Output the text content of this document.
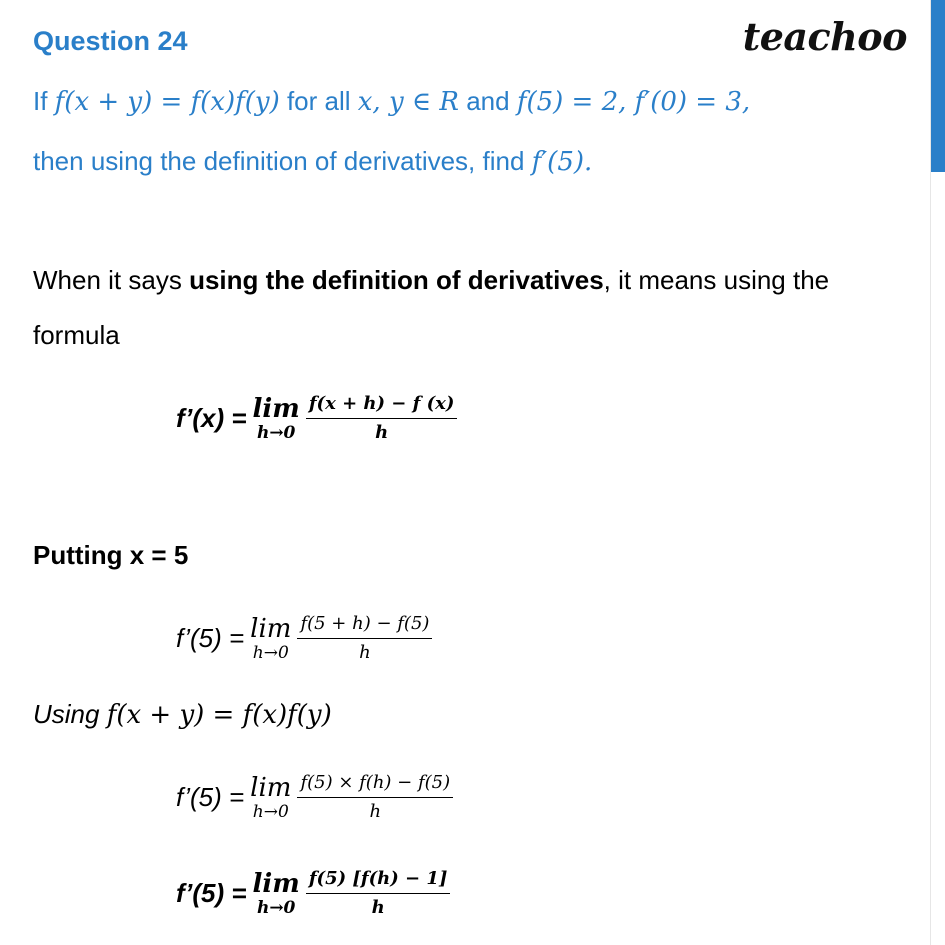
Question 24	teachoo
If f(x + y) = f(x)f(y) for all x, y ∈ R and f(5) = 2, f′(0) = 3,
then using the definition of derivatives, find f′(5).
When it says using the definition of derivatives, it means using the
formula
f’(x) = lim
$h\to 0 \frac{f(x + h) - f (x)}{h}$
Putting x = 5
f’(5) = lim
$h\to 0 \frac{f(5 + h) - f(5)}{h}$
Using f(x + y) = f(x)f(y)
f’(5) = lim
$h\to 0 \frac{f(5) \times f(h) - f(5)}{h}$
f’(5) = lim
$h\to 0 \frac{f(5) [f(h) - 1]}{h}$
